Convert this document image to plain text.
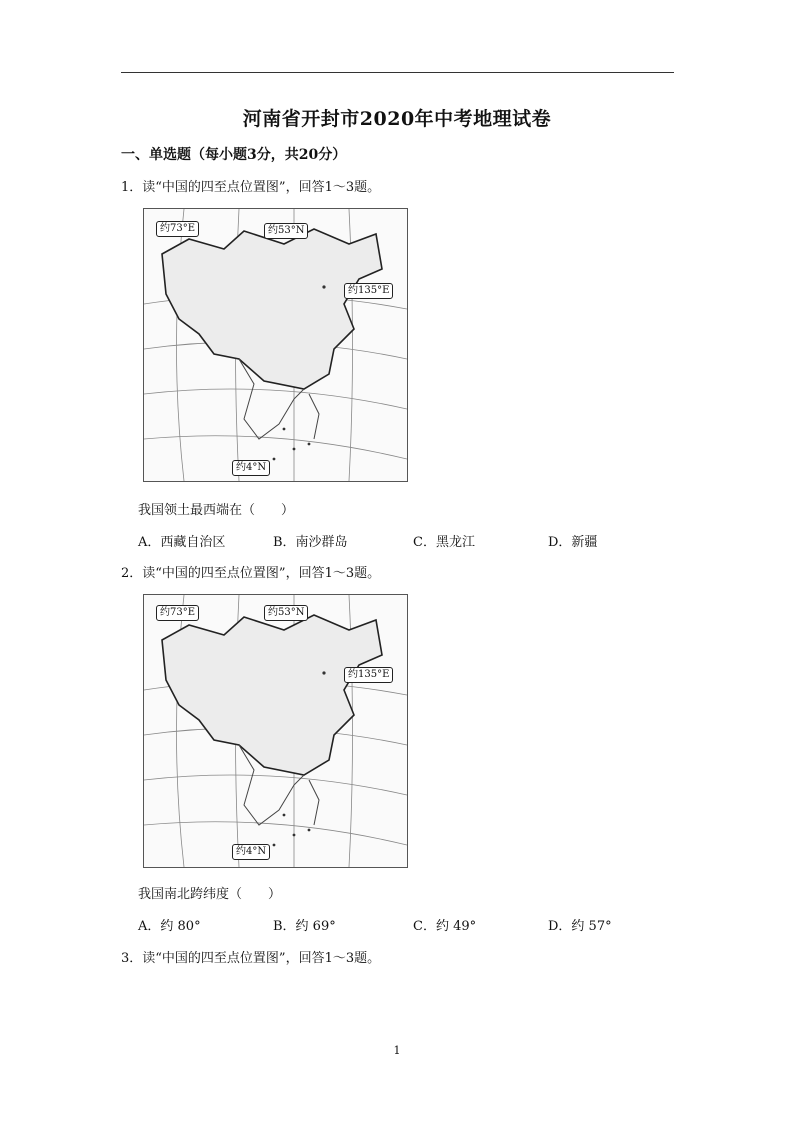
河南省开封市2020年中考地理试卷
一、单选题（每小题3分，共20分）
1．读“中国的四至点位置图”，回答1～3题。
约73°E	约53°N
约135°E
约4°N
我国领土最西端在（　　）
A．西藏自治区	B．南沙群岛	C．黑龙江	D．新疆
2．读“中国的四至点位置图”，回答1～3题。
约73°E	约53°N
约135°E
约4°N
我国南北跨纬度（　　）
A．约 80°	B．约 69°	C．约 49°	D．约 57°
3．读“中国的四至点位置图”，回答1～3题。
1
